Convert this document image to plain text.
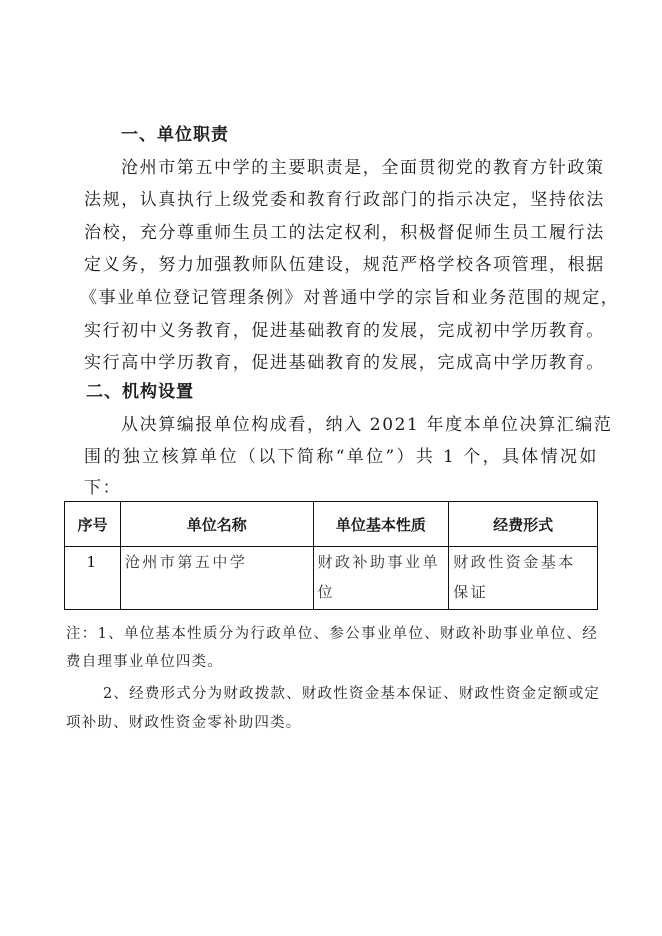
一、单位职责
沧州市第五中学的主要职责是，全面贯彻党的教育方针政策
法规，认真执行上级党委和教育行政部门的指示决定，坚持依法
治校，充分尊重师生员工的法定权利，积极督促师生员工履行法
定义务，努力加强教师队伍建设，规范严格学校各项管理，根据
《事业单位登记管理条例》对普通中学的宗旨和业务范围的规定，
实行初中义务教育，促进基础教育的发展，完成初中学历教育。
实行高中学历教育，促进基础教育的发展，完成高中学历教育。
二、机构设置
从决算编报单位构成看，纳入 2021 年度本单位决算汇编范
围的独立核算单位（以下简称“单位”）共 1 个，具体情况如
下：
序号	单位名称	单位基本性质	经费形式
1	沧州市第五中学	财政补助事业单位	财政性资金基本保证
注：1、单位基本性质分为行政单位、参公事业单位、财政补助事业单位、经
费自理事业单位四类。
2、经费形式分为财政拨款、财政性资金基本保证、财政性资金定额或定
项补助、财政性资金零补助四类。
